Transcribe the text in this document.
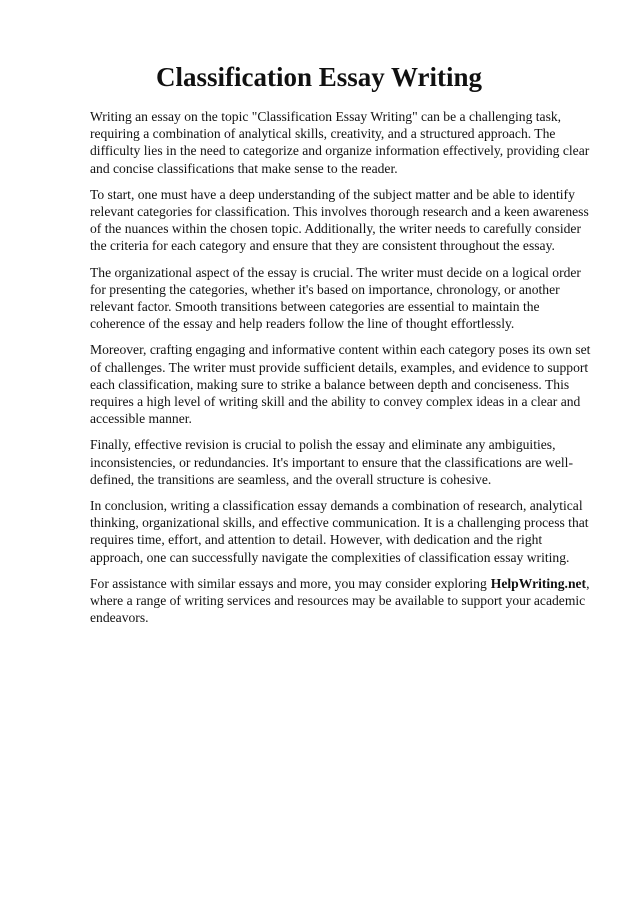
Classification Essay Writing

Writing an essay on the topic "Classification Essay Writing" can be a challenging task, requiring a combination of analytical skills, creativity, and a structured approach. The difficulty lies in the need to categorize and organize information effectively, providing clear and concise classifications that make sense to the reader.

To start, one must have a deep understanding of the subject matter and be able to identify relevant categories for classification. This involves thorough research and a keen awareness of the nuances within the chosen topic. Additionally, the writer needs to carefully consider the criteria for each category and ensure that they are consistent throughout the essay.

The organizational aspect of the essay is crucial. The writer must decide on a logical order for presenting the categories, whether it's based on importance, chronology, or another relevant factor. Smooth transitions between categories are essential to maintain the coherence of the essay and help readers follow the line of thought effortlessly.

Moreover, crafting engaging and informative content within each category poses its own set of challenges. The writer must provide sufficient details, examples, and evidence to support each classification, making sure to strike a balance between depth and conciseness. This requires a high level of writing skill and the ability to convey complex ideas in a clear and accessible manner.

Finally, effective revision is crucial to polish the essay and eliminate any ambiguities, inconsistencies, or redundancies. It's important to ensure that the classifications are well-defined, the transitions are seamless, and the overall structure is cohesive.

In conclusion, writing a classification essay demands a combination of research, analytical thinking, organizational skills, and effective communication. It is a challenging process that requires time, effort, and attention to detail. However, with dedication and the right approach, one can successfully navigate the complexities of classification essay writing.

For assistance with similar essays and more, you may consider exploring HelpWriting.net, where a range of writing services and resources may be available to support your academic endeavors.
